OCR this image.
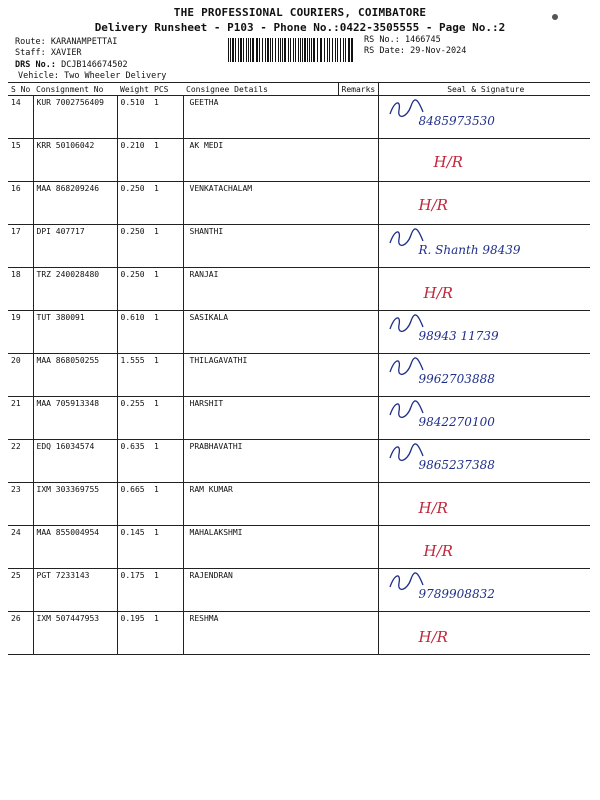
THE PROFESSIONAL COURIERS, COIMBATORE
Delivery Runsheet - P103 - Phone No.:0422-3505555 - Page No.:2
Route: KARANAMPETTAI
Staff: XAVIER
DRS No.: DCJB146674502
Vehicle: Two Wheeler Delivery
RS No.: 1466745
RS Date: 29-Nov-2024
S No	Consignment No	Weight	PCS	Consignee Details	Remarks	Seal & Signature
14	KUR 7002756409	0.510	1	GEETHA		8485973530

15	KRR 50106042	0.210	1	AK MEDI		H/R

16	MAA 868209246	0.250	1	VENKATACHALAM		H/R

17	DPI 407717	0.250	1	SHANTHI		R. Shanth 98439

18	TRZ 240028480	0.250	1	RANJAI		H/R

19	TUT 380091	0.610	1	SASIKALA		98943 11739

20	MAA 868050255	1.555	1	THILAGAVATHI		9962703888

21	MAA 705913348	0.255	1	HARSHIT		9842270100

22	EDQ 16034574	0.635	1	PRABHAVATHI		9865237388

23	IXM 303369755	0.665	1	RAM KUMAR		H/R

24	MAA 855004954	0.145	1	MAHALAKSHMI		H/R

25	PGT 7233143	0.175	1	RAJENDRAN		9789908832

26	IXM 507447953	0.195	1	RESHMA		H/R
